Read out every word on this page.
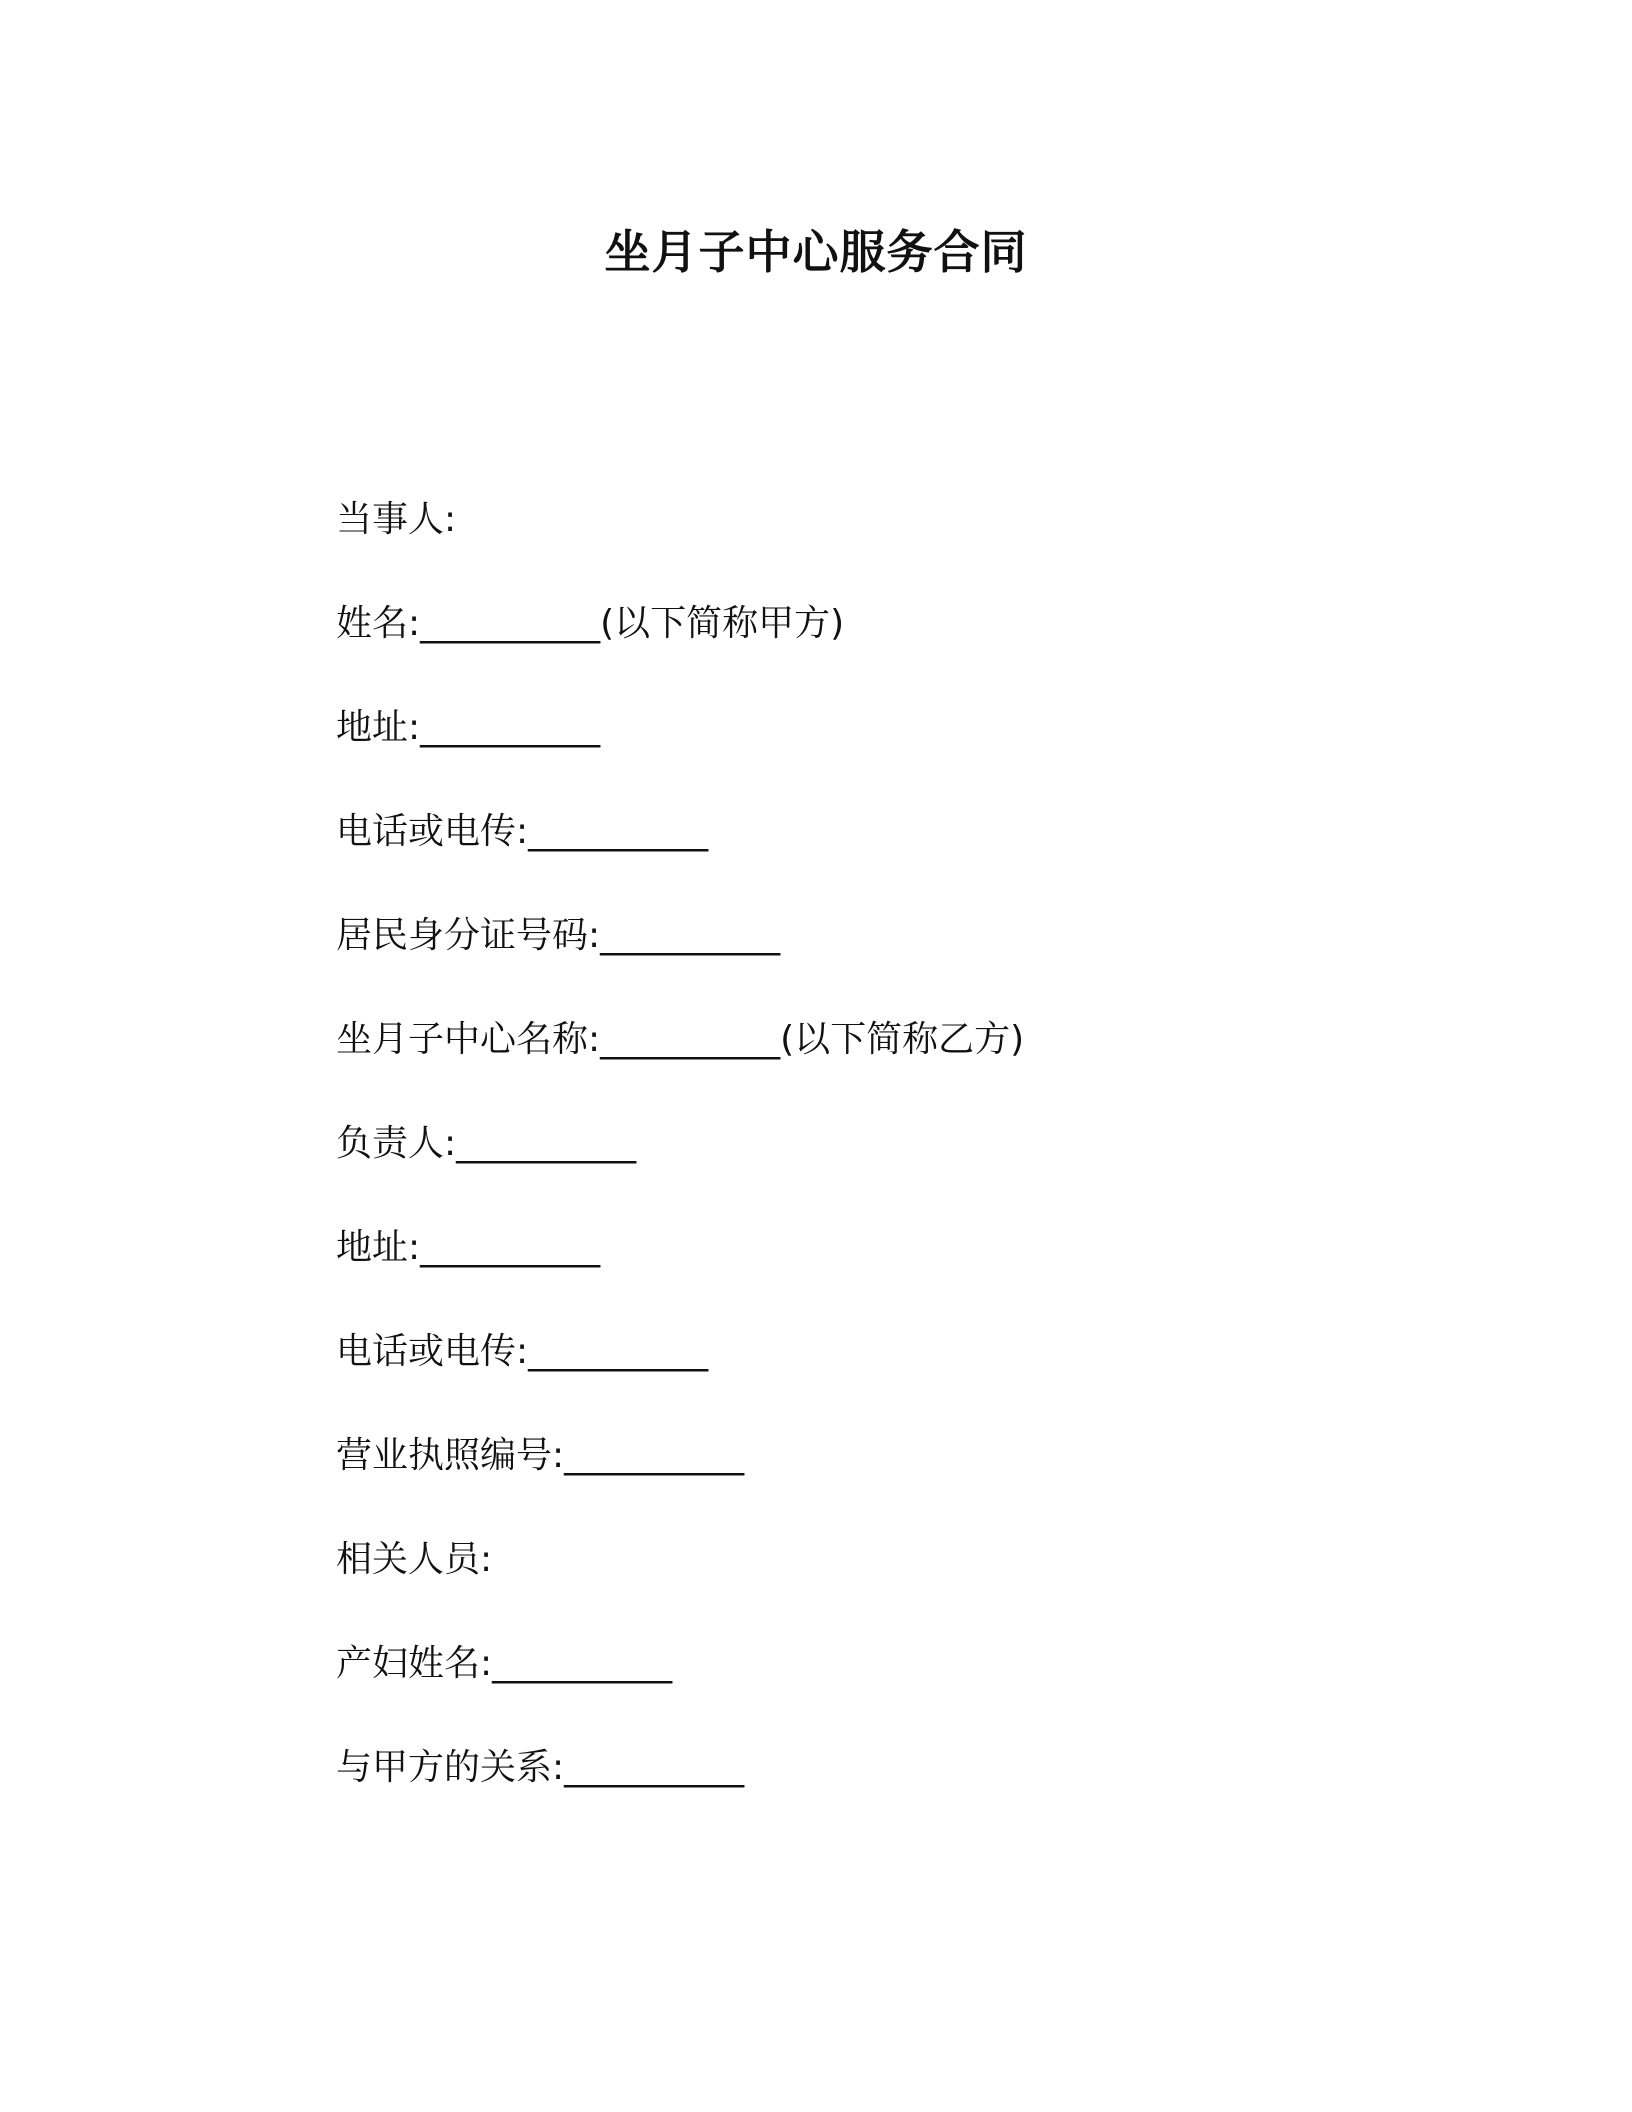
坐月子中心服务合同
当事人:
姓名:__________(以下简称甲方)
地址:__________
电话或电传:__________
居民身分证号码:__________
坐月子中心名称:__________(以下简称乙方)
负责人:__________
地址:__________
电话或电传:__________
营业执照编号:__________
相关人员:
产妇姓名:__________
与甲方的关系:__________
